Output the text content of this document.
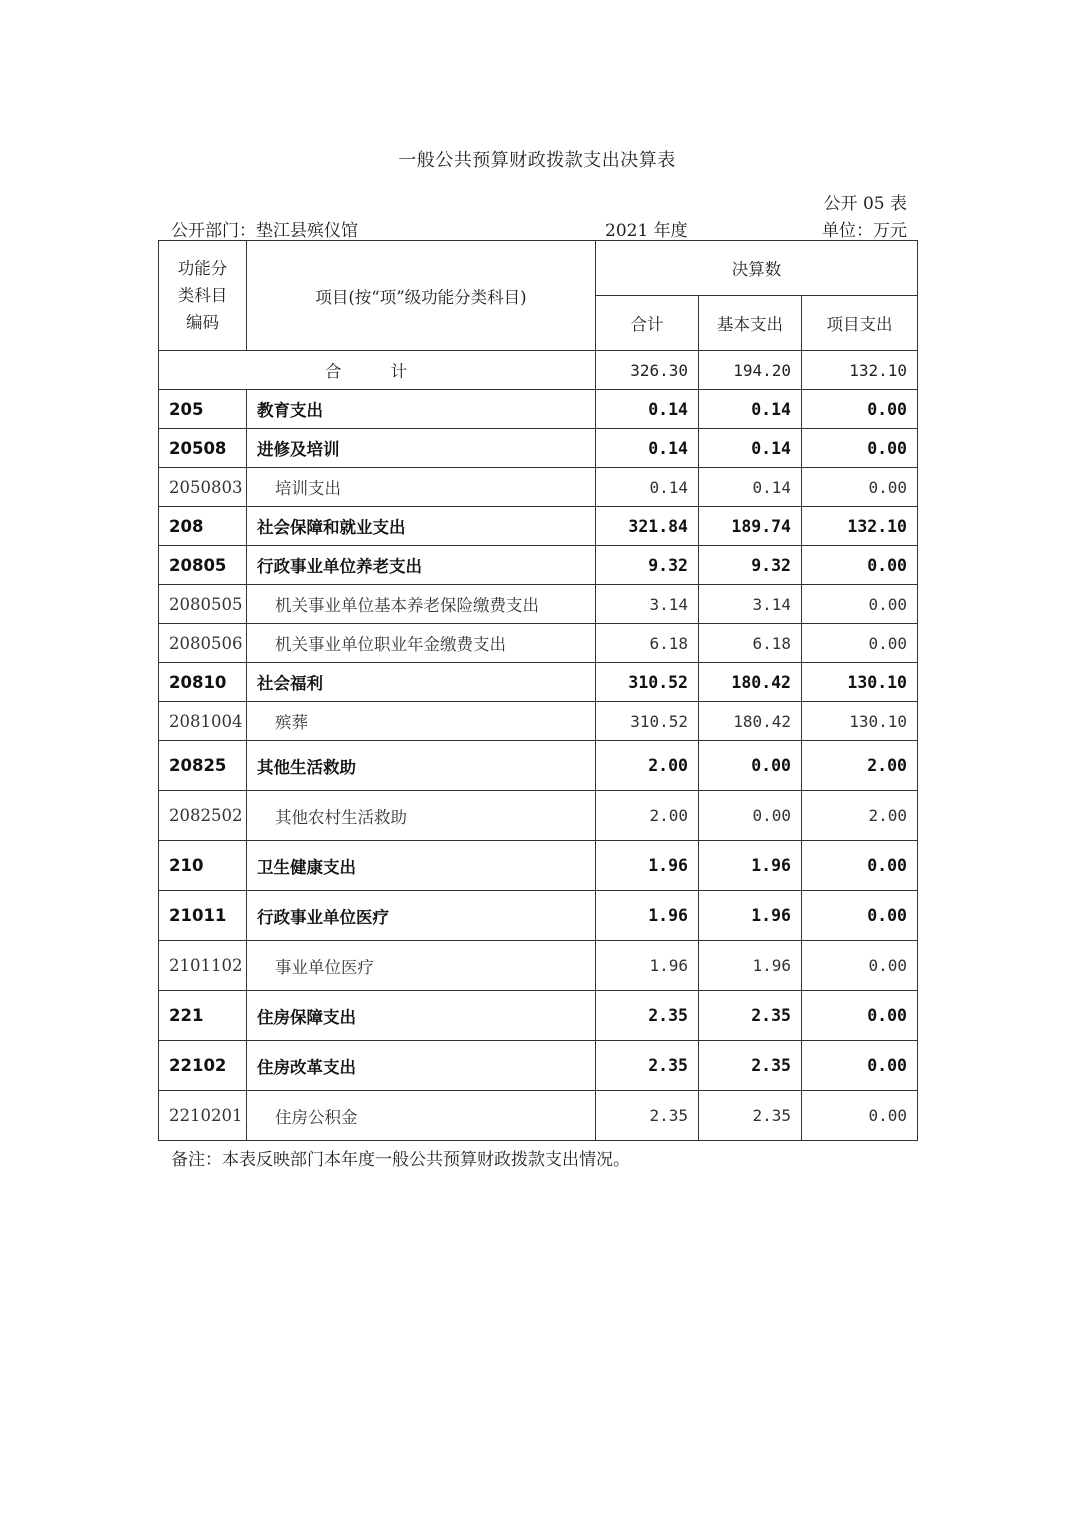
一般公共预算财政拨款支出决算表
公开 05 表
公开部门：垫江县殡仪馆	2021 年度	单位：万元
功能分
类科目
编码	项目(按“项”级功能分类科目)	决算数		
		合计	基本支出	项目支出
合 计		326.30	194.20	132.10
205	教育支出	0.14	0.14	0.00
20508	进修及培训	0.14	0.14	0.00
2050803	培训支出	0.14	0.14	0.00
208	社会保障和就业支出	321.84	189.74	132.10
20805	行政事业单位养老支出	9.32	9.32	0.00
2080505	机关事业单位基本养老保险缴费支出	3.14	3.14	0.00
2080506	机关事业单位职业年金缴费支出	6.18	6.18	0.00
20810	社会福利	310.52	180.42	130.10
2081004	殡葬	310.52	180.42	130.10
20825	其他生活救助	2.00	0.00	2.00
2082502	其他农村生活救助	2.00	0.00	2.00
210	卫生健康支出	1.96	1.96	0.00
21011	行政事业单位医疗	1.96	1.96	0.00
2101102	事业单位医疗	1.96	1.96	0.00
221	住房保障支出	2.35	2.35	0.00
22102	住房改革支出	2.35	2.35	0.00
2210201	住房公积金	2.35	2.35	0.00
备注：本表反映部门本年度一般公共预算财政拨款支出情况。
